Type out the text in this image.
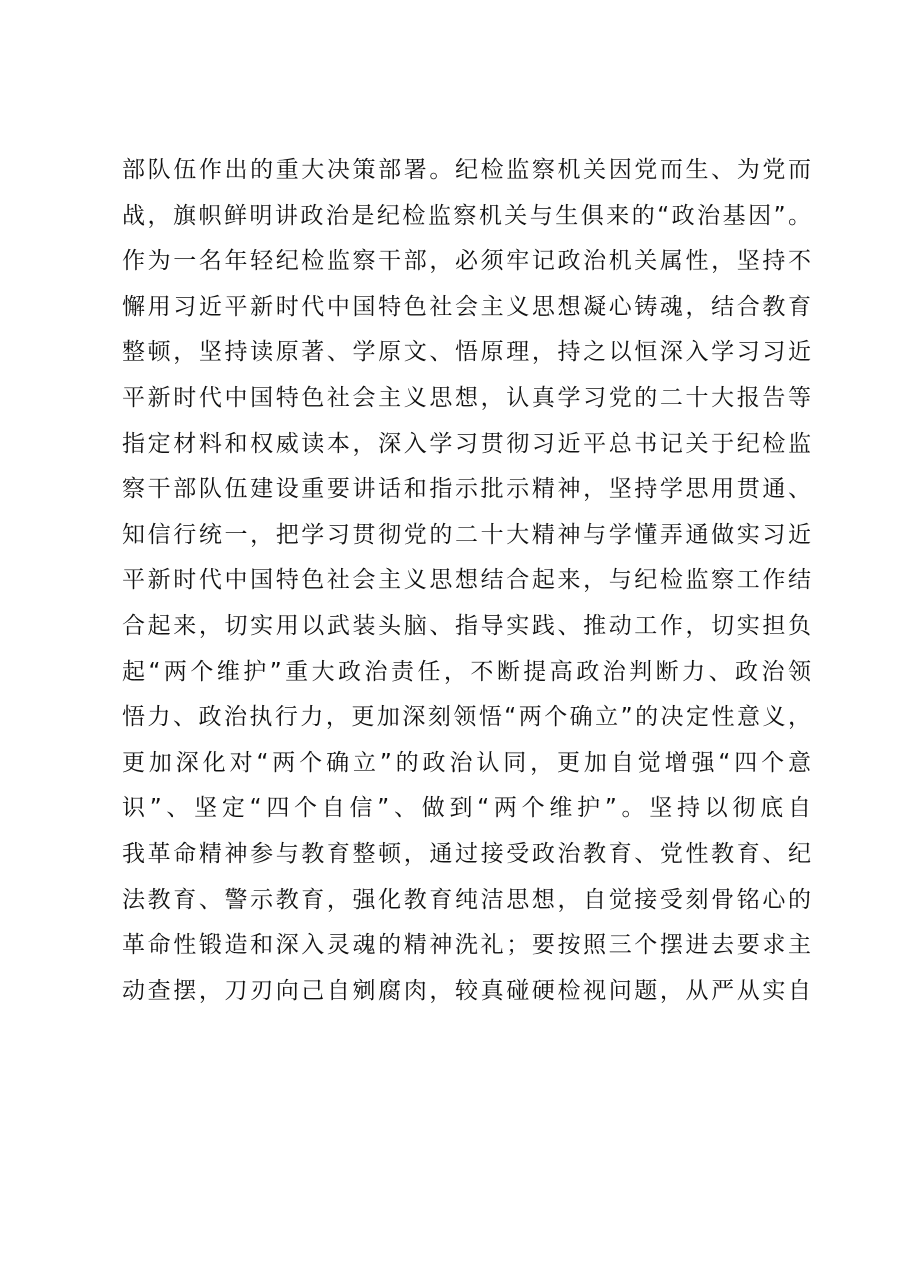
部队伍作出的重大决策部署。纪检监察机关因党而生、为党而
战，旗帜鲜明讲政治是纪检监察机关与生俱来的“政治基因”。
作为一名年轻纪检监察干部，必须牢记政治机关属性，坚持不
懈用习近平新时代中国特色社会主义思想凝心铸魂，结合教育
整顿，坚持读原著、学原文、悟原理，持之以恒深入学习习近
平新时代中国特色社会主义思想，认真学习党的二十大报告等
指定材料和权威读本，深入学习贯彻习近平总书记关于纪检监
察干部队伍建设重要讲话和指示批示精神，坚持学思用贯通、
知信行统一，把学习贯彻党的二十大精神与学懂弄通做实习近
平新时代中国特色社会主义思想结合起来，与纪检监察工作结
合起来，切实用以武装头脑、指导实践、推动工作，切实担负
起“两个维护”重大政治责任，不断提高政治判断力、政治领
悟力、政治执行力，更加深刻领悟“两个确立”的决定性意义，
更加深化对“两个确立”的政治认同，更加自觉增强“四个意
识”、坚定“四个自信”、做到“两个维护”。坚持以彻底自
我革命精神参与教育整顿，通过接受政治教育、党性教育、纪
法教育、警示教育，强化教育纯洁思想，自觉接受刻骨铭心的
革命性锻造和深入灵魂的精神洗礼；要按照三个摆进去要求主
动查摆，刀刃向己自剜腐肉，较真碰硬检视问题，从严从实自
